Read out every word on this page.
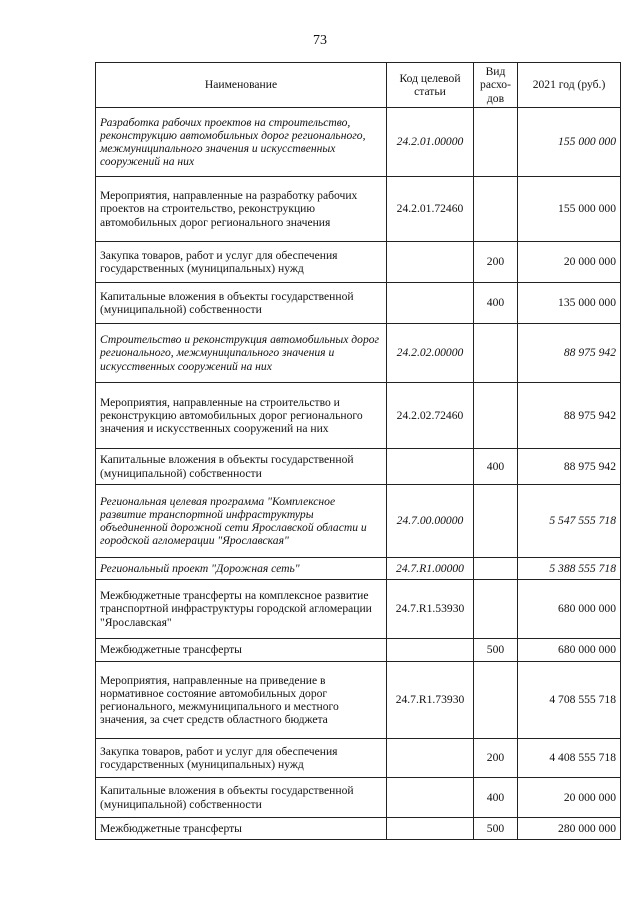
73
Наименование	Код целевой статьи	Вид расхо-дов	2021 год (руб.)
Разработка рабочих проектов на строительство, реконструкцию автомобильных дорог регионального, межмуниципального значения и искусственных сооружений на них	24.2.01.00000		155 000 000
Мероприятия, направленные на разработку рабочих проектов на строительство, реконструкцию автомобильных дорог регионального значения	24.2.01.72460		155 000 000
Закупка товаров, работ и услуг для обеспечения государственных (муниципальных) нужд		200	20 000 000
Капитальные вложения в объекты государственной (муниципальной) собственности		400	135 000 000
Строительство и реконструкция автомобильных дорог регионального, межмуниципального значения и искусственных сооружений на них	24.2.02.00000		88 975 942
Мероприятия, направленные на строительство и реконструкцию автомобильных дорог регионального значения и искусственных сооружений на них	24.2.02.72460		88 975 942
Капитальные вложения в объекты государственной (муниципальной) собственности		400	88 975 942
Региональная целевая программа "Комплексное развитие транспортной инфраструктуры объединенной дорожной сети Ярославской области и городской агломерации "Ярославская"	24.7.00.00000		5 547 555 718
Региональный проект "Дорожная сеть"	24.7.R1.00000		5 388 555 718
Межбюджетные трансферты на комплексное развитие транспортной инфраструктуры городской агломерации "Ярославская"	24.7.R1.53930		680 000 000
Межбюджетные трансферты		500	680 000 000
Мероприятия, направленные на приведение в нормативное состояние автомобильных дорог регионального, межмуниципального и местного значения, за счет средств областного бюджета	24.7.R1.73930		4 708 555 718
Закупка товаров, работ и услуг для обеспечения государственных (муниципальных) нужд		200	4 408 555 718
Капитальные вложения в объекты государственной (муниципальной) собственности		400	20 000 000
Межбюджетные трансферты		500	280 000 000
